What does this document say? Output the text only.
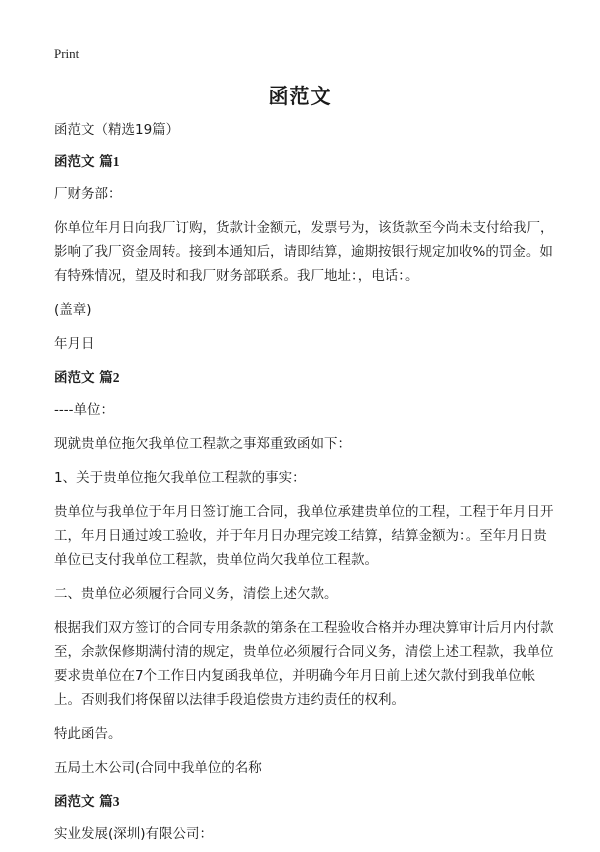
Print
函范文

函范文（精选19篇）

函范文 篇1

厂财务部：

你单位年月日向我厂订购，货款计金额元，发票号为，该货款至今尚未支付给我厂，影响了我厂资金周转。接到本通知后，请即结算，逾期按银行规定加收%的罚金。如有特殊情况，望及时和我厂财务部联系。我厂地址：，电话：。

(盖章)

年月日

函范文 篇2

----单位：

现就贵单位拖欠我单位工程款之事郑重致函如下：

1、关于贵单位拖欠我单位工程款的事实：

贵单位与我单位于年月日签订施工合同，我单位承建贵单位的工程，工程于年月日开工，年月日通过竣工验收，并于年月日办理完竣工结算，结算金额为：。至年月日贵单位已支付我单位工程款，贵单位尚欠我单位工程款。

二、贵单位必须履行合同义务，清偿上述欠款。

根据我们双方签订的合同专用条款的第条在工程验收合格并办理决算审计后月内付款至，余款保修期满付清的规定，贵单位必须履行合同义务，清偿上述工程款，我单位要求贵单位在7个工作日内复函我单位，并明确今年月日前上述欠款付到我单位帐上。否则我们将保留以法律手段追偿贵方违约责任的权利。

特此函告。

五局土木公司(合同中我单位的名称

函范文 篇3

实业发展(深圳)有限公司：
